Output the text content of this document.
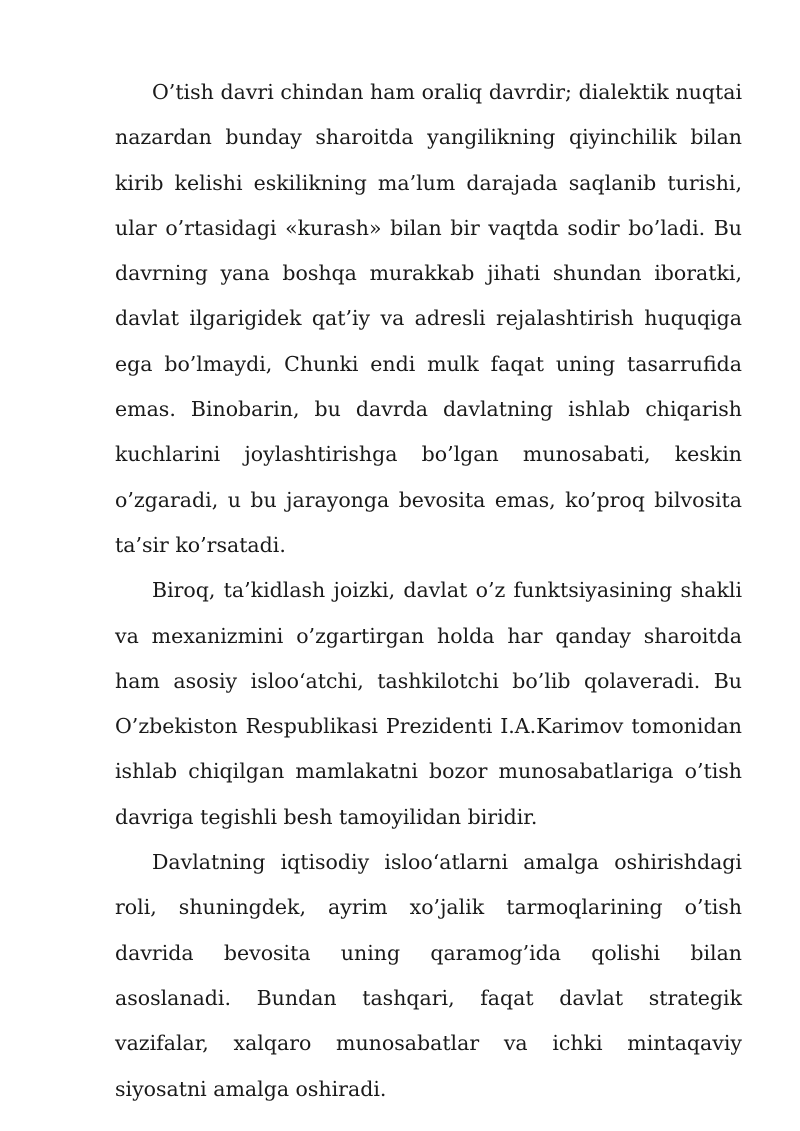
O’tish davri chindan ham oraliq davrdir; dialektik nuqtai nazardan bunday sharoitda yangilikning qiyinchilik bilan kirib kelishi eskilikning ma’lum darajada saqlanib turishi, ular o’rtasidagi «kurash» bilan bir vaqtda sodir bo’ladi. Bu davrning yana boshqa murakkab jihati shundan iboratki, davlat ilgarigidek qat’iy va adresli rejalashtirish huquqiga ega bo’lmaydi, Chunki endi mulk faqat uning tasarrufida emas. Binobarin, bu davrda davlatning ishlab chiqarish kuchlarini joylashtirishga bo’lgan munosabati, keskin o’zgaradi, u bu jarayonga bevosita emas, ko’proq bilvosita ta’sir ko’rsatadi.

Biroq, ta’kidlash joizki, davlat o’z funktsiyasining shakli va mexanizmini o’zgartirgan holda har qanday sharoitda ham asosiy isloo‘atchi, tashkilotchi bo’lib qolaveradi. Bu O’zbekiston Respublikasi Prezidenti I.A.Karimov tomonidan ishlab chiqilgan mamlakatni bozor munosabatlariga o’tish davriga tegishli besh tamoyilidan biridir.

Davlatning iqtisodiy isloo‘atlarni amalga oshirishdagi roli, shuningdek, ayrim xo’jalik tarmoqlarining o’tish davrida bevosita uning qaramog’ida qolishi bilan asoslanadi. Bundan tashqari, faqat davlat strategik vazifalar, xalqaro munosabatlar va ichki mintaqaviy siyosatni amalga oshiradi.
